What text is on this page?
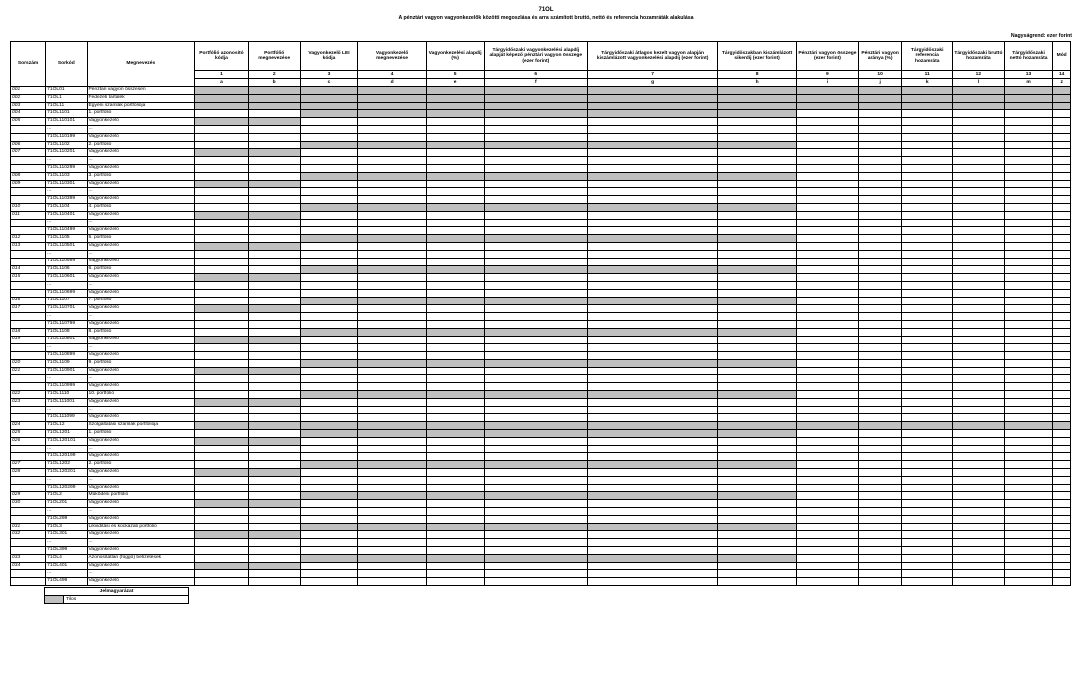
71OL
A pénztári vagyon vagyonkezelők közötti megoszlása és arra számított bruttó, nettó és referencia hozamráták alakulása
Nagyságrend: ezer forint
Sorszám	Sorkód	Megnevezés	Portfólió azonosító kódja	Portfólió megnevezése	Vagyonkezelő LEI kódja	Vagyonkezelő megnevezése	Vagyonkezelési alapdíj (%)	Tárgyidőszaki vagyonkezelési alapdíj alapját képező pénztári vagyon összege (ezer forint)	Tárgyidőszaki átlagos kezelt vagyon alapján kiszámlázott vagyonkezelési alapdíj (ezer forint)	Tárgyidőszakban kiszámlázott sikerdíj (ezer forint)	Pénztári vagyon összege (ezer forint)	Pénztári vagyon aránya (%)	Tárgyidőszaki referencia hozamráta	Tárgyidőszaki bruttó hozamráta	Tárgyidőszaki nettó hozamráta	Mód
			1	2	3	4	5	6	7	8	9	10	11	12	13	14
			a	b	c	d	e	f	g	h	i	j	k	l	m	z
001	71OL01	Pénztári vagyon összesen														
002	71OL1	Fedezeti tartalék														
003	71OL11	Egyéni számlák portfóliója														
004	71OL1101	1. portfólió														
005	71OL110101	Vagyonkezelő														
	...	...														
	71OL110199	Vagyonkezelő														
006	71OL1102	2. portfólió														
007	71OL110201	Vagyonkezelő														
	...	...														
	71OL110299	Vagyonkezelő														
008	71OL1103	3. portfólió														
009	71OL110301	Vagyonkezelő														
	...	...														
	71OL110399	Vagyonkezelő														
010	71OL1104	4. portfólió														
011	71OL110401	Vagyonkezelő														
	...	...														
	71OL110499	Vagyonkezelő														
012	71OL1105	5. portfólió														
013	71OL110501	Vagyonkezelő														
	...	...														
	71OL110599	Vagyonkezelő														
014	71OL1106	6. portfólió														
015	71OL110601	Vagyonkezelő														
	...	...														
	71OL110699	Vagyonkezelő														
016	71OL1107	7. portfólió														
017	71OL110701	Vagyonkezelő														
	...	...														
	71OL110799	Vagyonkezelő														
018	71OL1108	8. portfólió														
019	71OL110801	Vagyonkezelő														
	...	...														
	71OL110899	Vagyonkezelő														
020	71OL1109	9. portfólió														
021	71OL110901	Vagyonkezelő														
	...	...														
	71OL110999	Vagyonkezelő														
022	71OL1110	10. portfólió														
023	71OL111001	Vagyonkezelő														
	...	...														
	71OL111099	Vagyonkezelő														
024	71OL12	Szolgáltatási számlák portfóliója														
025	71OL1201	1. portfólió														
026	71OL120101	Vagyonkezelő														
	...	...														
	71OL120199	Vagyonkezelő														
027	71OL1202	2. portfólió														
028	71OL120201	Vagyonkezelő														
	...	...														
	71OL120299	Vagyonkezelő														
029	71OL2	Működési portfólió														
030	71OL201	Vagyonkezelő														
	...	...														
	71OL299	Vagyonkezelő														
031	71OL3	Likviditási és kockázati portfólió														
032	71OL301	Vagyonkezelő														
	...	...														
	71OL399	Vagyonkezelő														
033	71OL4	Azonosítatlan (függő) befizetések														
034	71OL401	Vagyonkezelő														
	...	...														
	71OL499	Vagyonkezelő														
Jelmagyarázat
	Tilos
